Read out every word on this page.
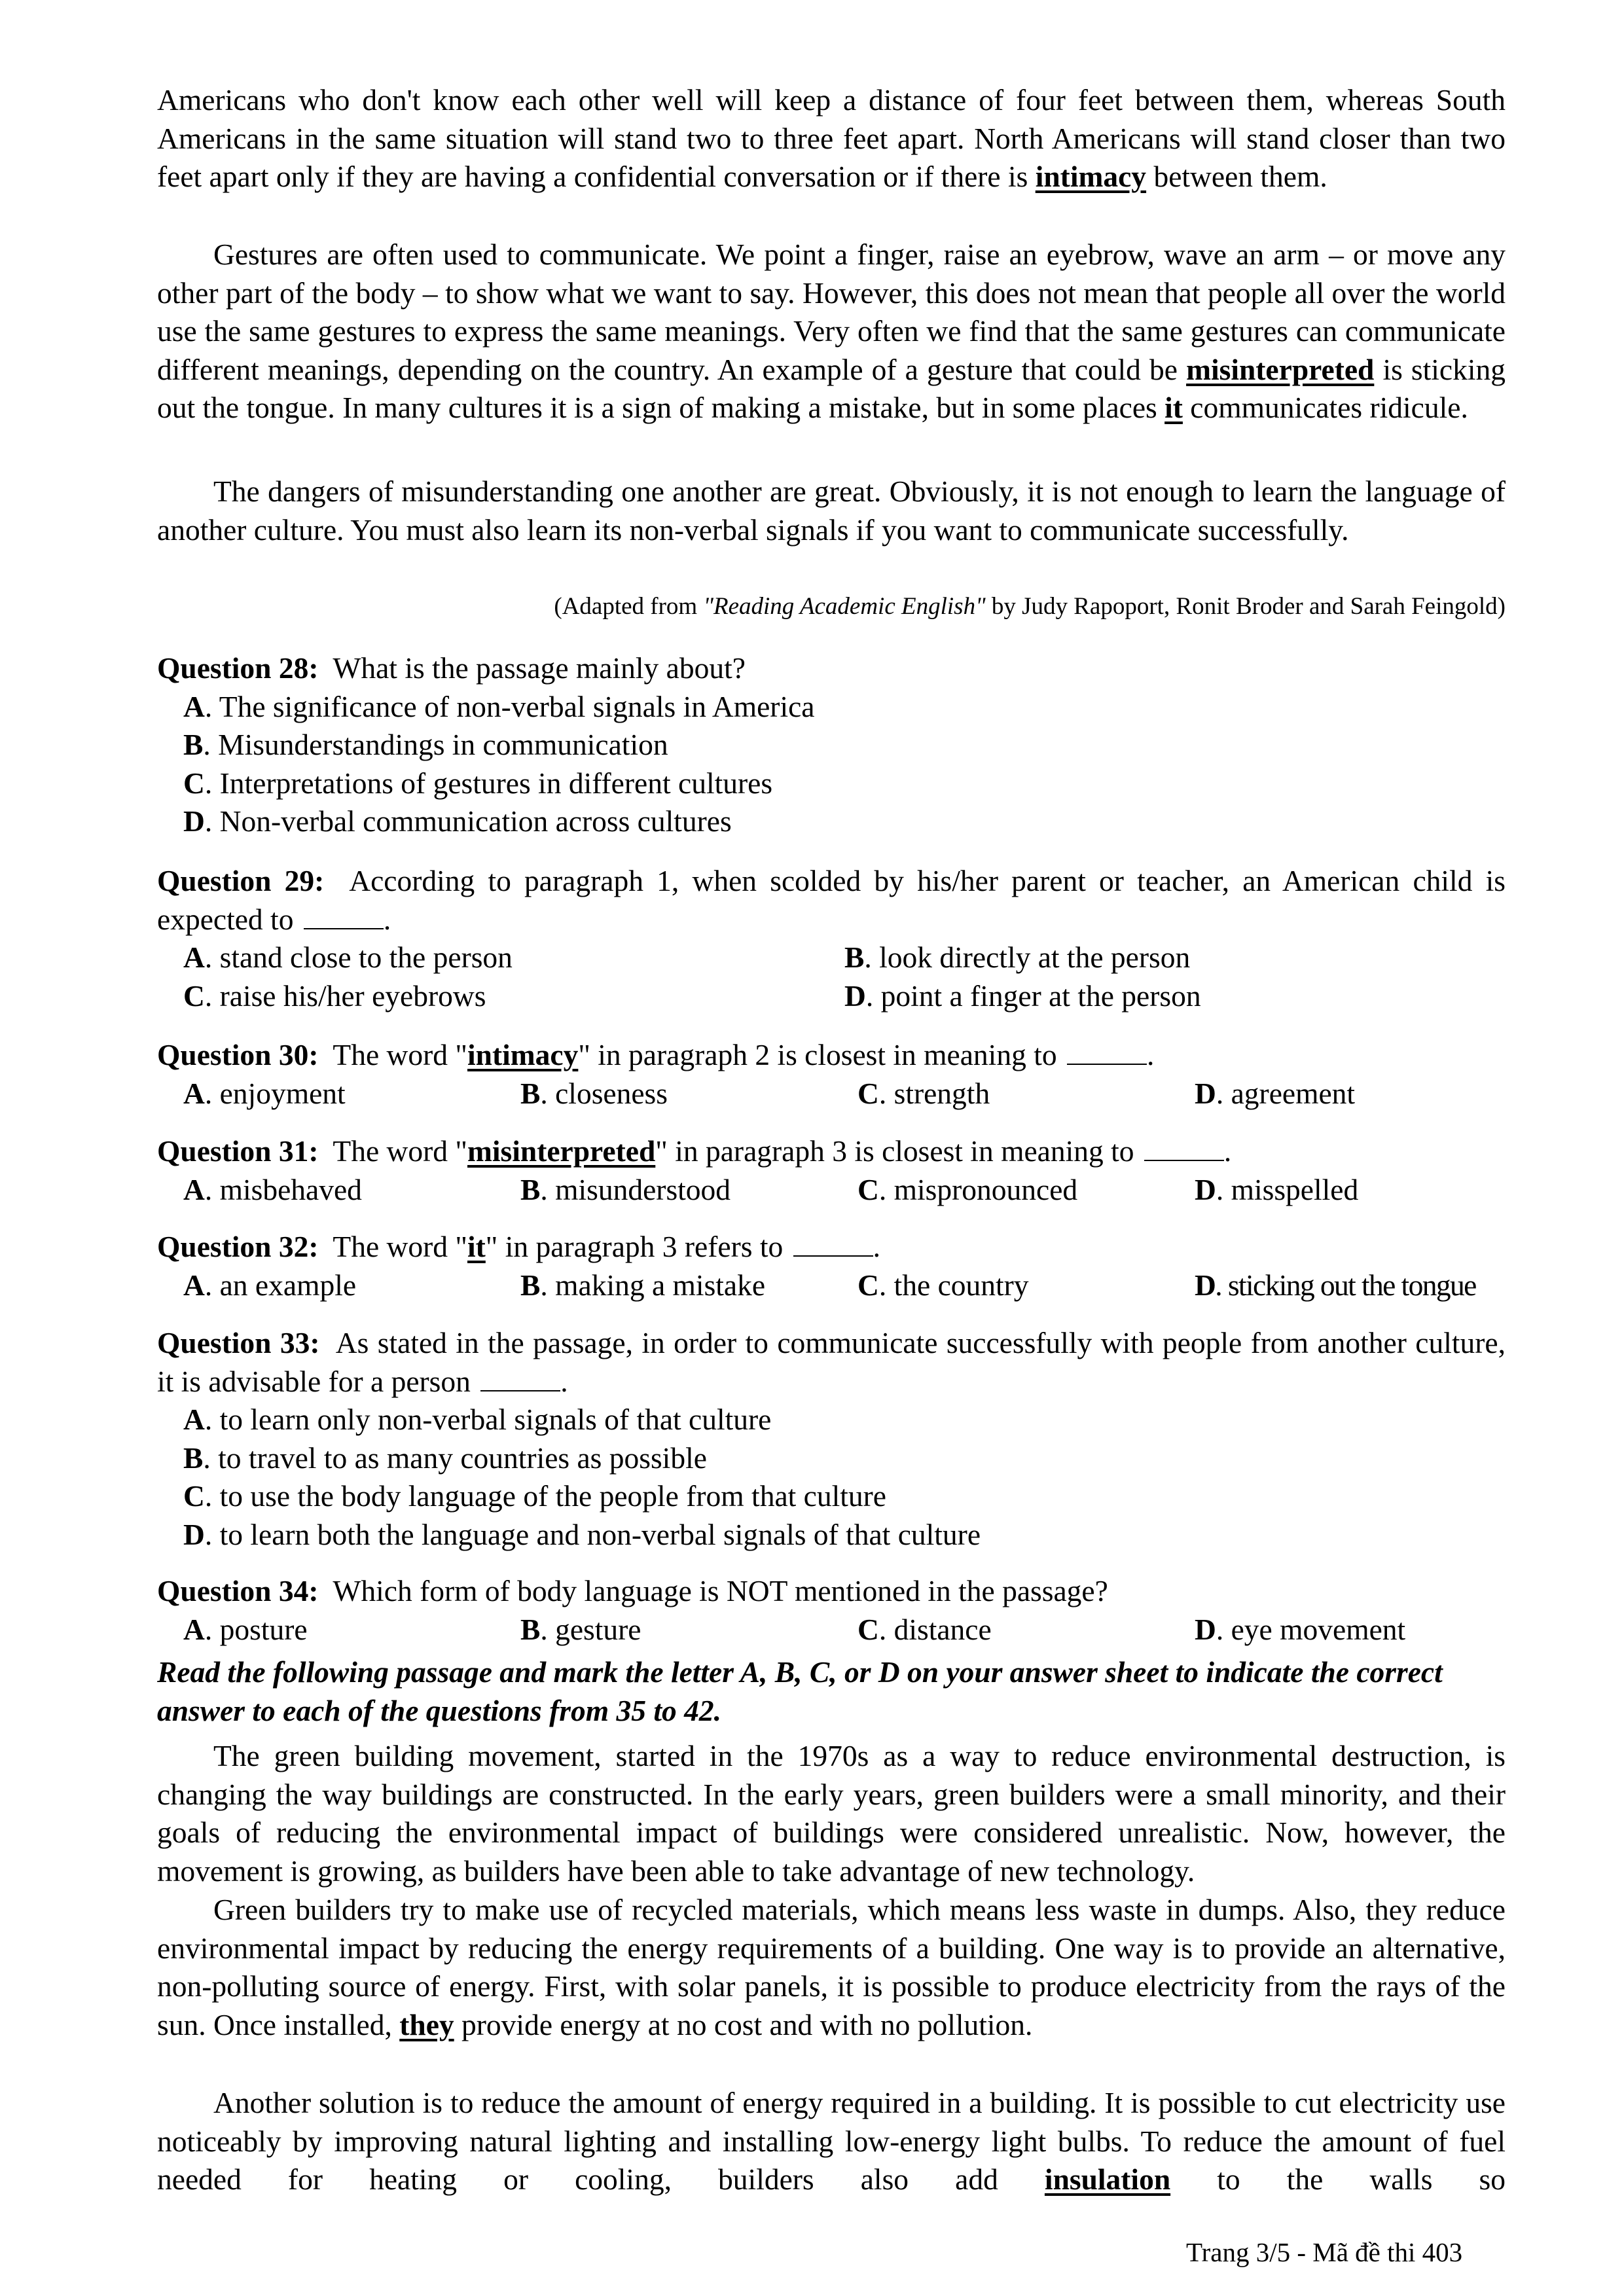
Americans who don't know each other well will keep a distance of four feet between them, whereas South Americans in the same situation will stand two to three feet apart. North Americans will stand closer than two feet apart only if they are having a confidential conversation or if there is intimacy between them.
Gestures are often used to communicate. We point a finger, raise an eyebrow, wave an arm – or move any other part of the body – to show what we want to say. However, this does not mean that people all over the world use the same gestures to express the same meanings. Very often we find that the same gestures can communicate different meanings, depending on the country. An example of a gesture that could be misinterpreted is sticking out the tongue. In many cultures it is a sign of making a mistake, but in some places it communicates ridicule.
The dangers of misunderstanding one another are great. Obviously, it is not enough to learn the language of another culture. You must also learn its non-verbal signals if you want to communicate successfully.
(Adapted from "Reading Academic English" by Judy Rapoport, Ronit Broder and Sarah Feingold)
Question 28: What is the passage mainly about?
A. The significance of non-verbal signals in America
B. Misunderstandings in communication
C. Interpretations of gestures in different cultures
D. Non-verbal communication across cultures
Question 29: According to paragraph 1, when scolded by his/her parent or teacher, an American child is expected to	.
A. stand close to the person	B. look directly at the person
C. raise his/her eyebrows	D. point a finger at the person
Question 30: The word "intimacy" in paragraph 2 is closest in meaning to	.
A. enjoyment	B. closeness	C. strength	D. agreement
Question 31: The word "misinterpreted" in paragraph 3 is closest in meaning to	.
A. misbehaved	B. misunderstood	C. mispronounced	D. misspelled
Question 32: The word "it" in paragraph 3 refers to	.
A. an example	B. making a mistake	C. the country	D. sticking out the tongue
Question 33: As stated in the passage, in order to communicate successfully with people from another culture, it is advisable for a person	.
A. to learn only non-verbal signals of that culture
B. to travel to as many countries as possible
C. to use the body language of the people from that culture
D. to learn both the language and non-verbal signals of that culture
Question 34: Which form of body language is NOT mentioned in the passage?
A. posture	B. gesture	C. distance	D. eye movement
Read the following passage and mark the letter A, B, C, or D on your answer sheet to indicate the correct answer to each of the questions from 35 to 42.
The green building movement, started in the 1970s as a way to reduce environmental destruction, is changing the way buildings are constructed. In the early years, green builders were a small minority, and their goals of reducing the environmental impact of buildings were considered unrealistic. Now, however, the movement is growing, as builders have been able to take advantage of new technology.
Green builders try to make use of recycled materials, which means less waste in dumps. Also, they reduce environmental impact by reducing the energy requirements of a building. One way is to provide an alternative, non-polluting source of energy. First, with solar panels, it is possible to produce electricity from the rays of the sun. Once installed, they provide energy at no cost and with no pollution.
Another solution is to reduce the amount of energy required in a building. It is possible to cut electricity use noticeably by improving natural lighting and installing low-energy light bulbs. To reduce the amount of fuel needed for heating or cooling, builders also add insulation to the walls so
Trang 3/5 - Mã đề thi 403
